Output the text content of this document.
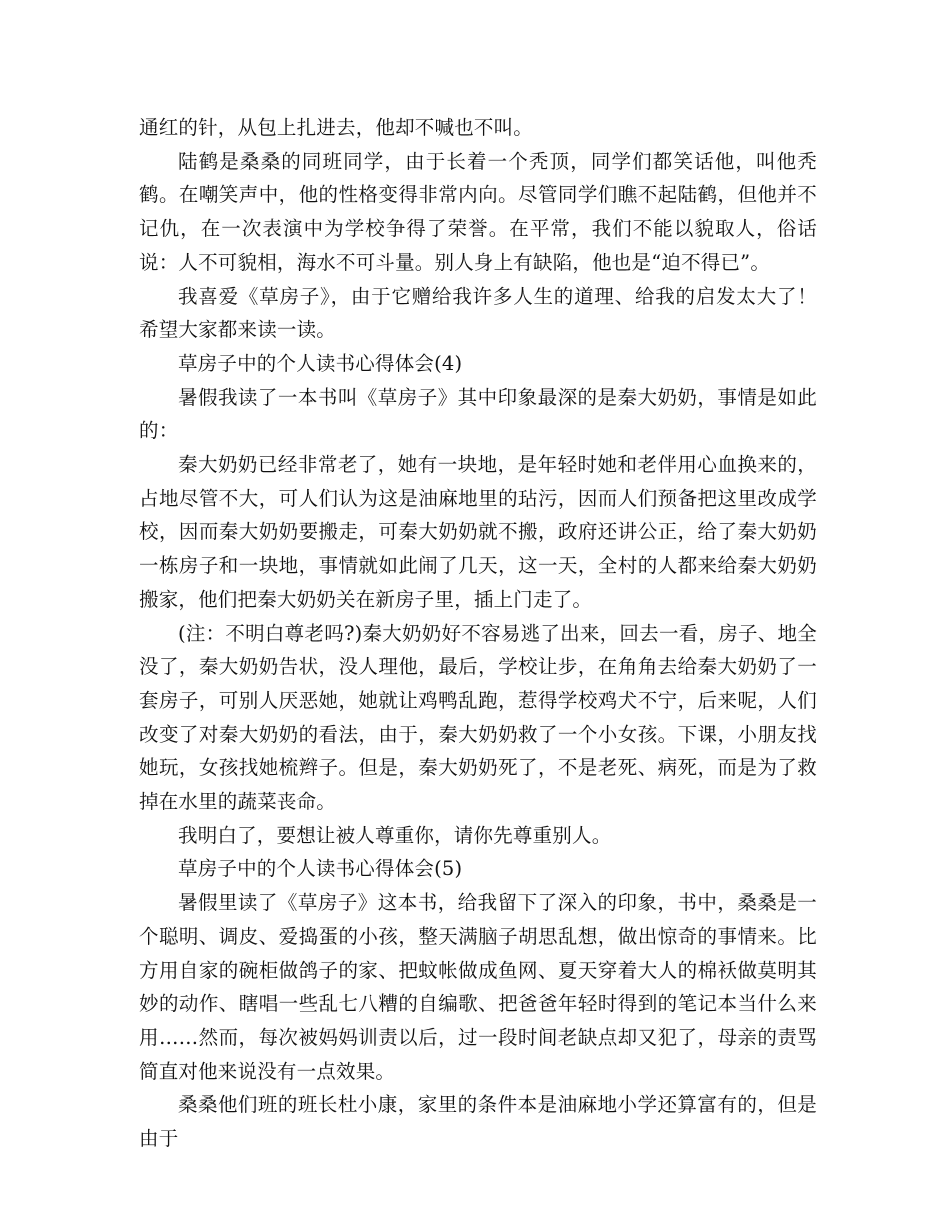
通红的针，从包上扎进去，他却不喊也不叫。

陆鹤是桑桑的同班同学，由于长着一个秃顶，同学们都笑话他，叫他秃鹤。在嘲笑声中，他的性格变得非常内向。尽管同学们瞧不起陆鹤，但他并不记仇，在一次表演中为学校争得了荣誉。在平常，我们不能以貌取人，俗话说：人不可貌相，海水不可斗量。别人身上有缺陷，他也是“迫不得已”。

我喜爱《草房子》，由于它赠给我许多人生的道理、给我的启发太大了！希望大家都来读一读。

草房子中的个人读书心得体会(4)

暑假我读了一本书叫《草房子》其中印象最深的是秦大奶奶，事情是如此的：

秦大奶奶已经非常老了，她有一块地，是年轻时她和老伴用心血换来的，占地尽管不大，可人们认为这是油麻地里的玷污，因而人们预备把这里改成学校，因而秦大奶奶要搬走，可秦大奶奶就不搬，政府还讲公正，给了秦大奶奶一栋房子和一块地，事情就如此闹了几天，这一天，全村的人都来给秦大奶奶搬家，他们把秦大奶奶关在新房子里，插上门走了。

(注：不明白尊老吗?)秦大奶奶好不容易逃了出来，回去一看，房子、地全没了，秦大奶奶告状，没人理他，最后，学校让步，在角角去给秦大奶奶了一套房子，可别人厌恶她，她就让鸡鸭乱跑，惹得学校鸡犬不宁，后来呢，人们改变了对秦大奶奶的看法，由于，秦大奶奶救了一个小女孩。下课，小朋友找她玩，女孩找她梳辫子。但是，秦大奶奶死了，不是老死、病死，而是为了救掉在水里的蔬菜丧命。

我明白了，要想让被人尊重你，请你先尊重别人。

草房子中的个人读书心得体会(5)

暑假里读了《草房子》这本书，给我留下了深入的印象，书中，桑桑是一个聪明、调皮、爱捣蛋的小孩，整天满脑子胡思乱想，做出惊奇的事情来。比方用自家的碗柜做鸽子的家、把蚊帐做成鱼网、夏天穿着大人的棉袄做莫明其妙的动作、瞎唱一些乱七八糟的自编歌、把爸爸年轻时得到的笔记本当什么来用……然而，每次被妈妈训责以后，过一段时间老缺点却又犯了，母亲的责骂简直对他来说没有一点效果。

桑桑他们班的班长杜小康，家里的条件本是油麻地小学还算富有的，但是由于
